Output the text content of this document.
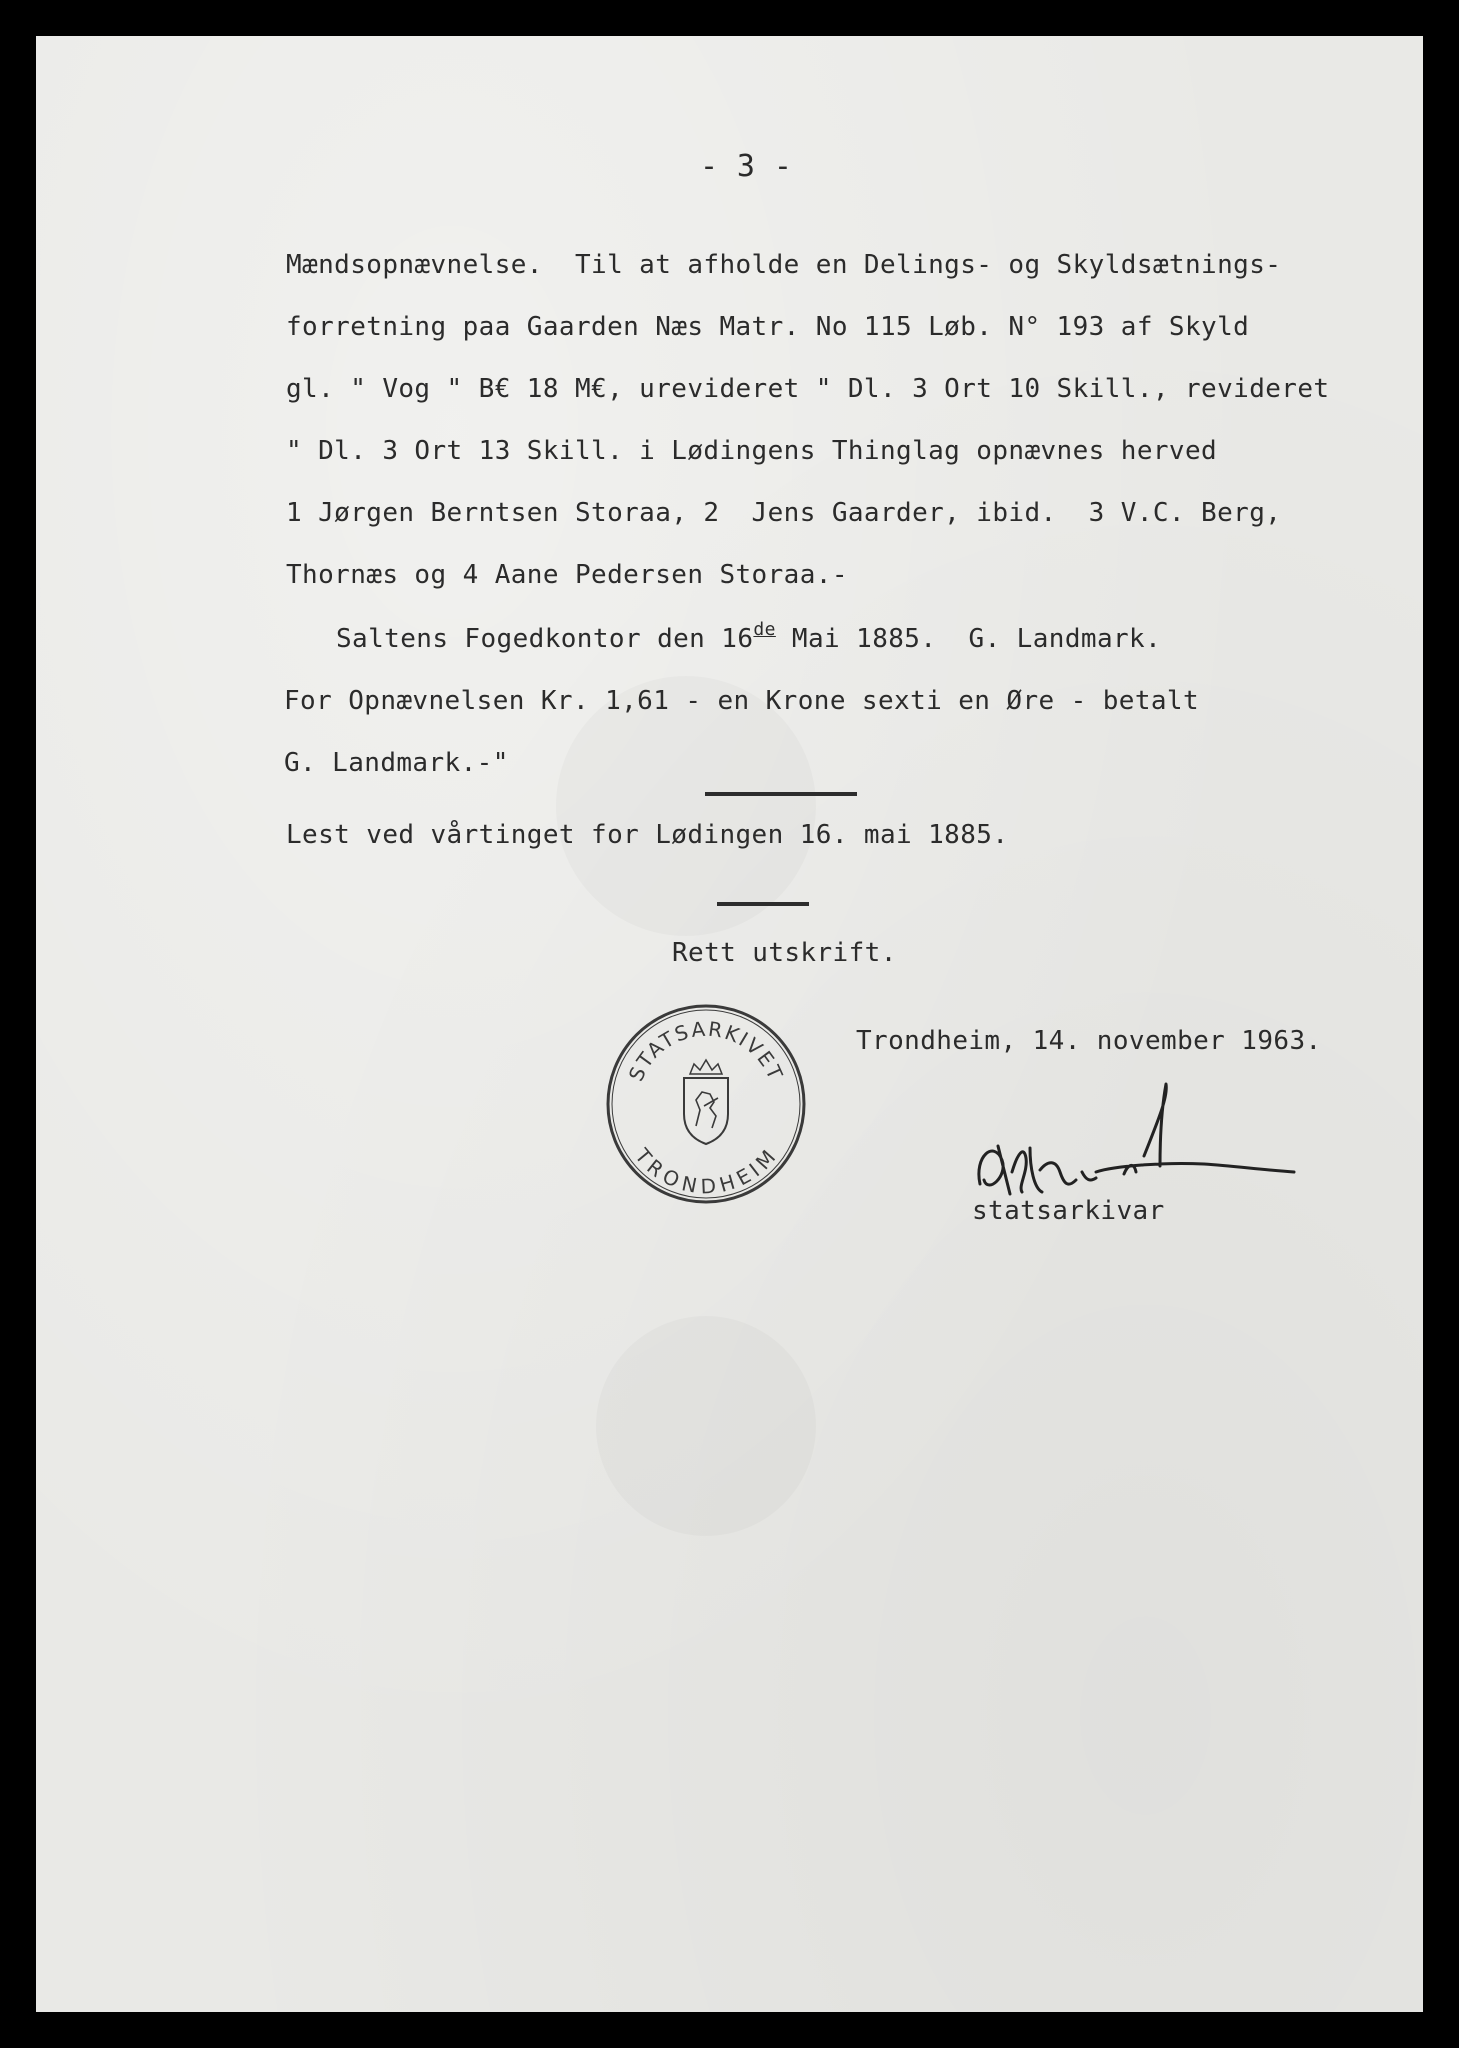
- 3 -
Mændsopnævnelse.  Til at afholde en Delings- og Skyldsætnings-
forretning paa Gaarden Næs Matr. No 115 Løb. N° 193 af Skyld
gl. " Vog " B€ 18 M€, urevideret " Dl. 3 Ort 10 Skill., revideret
" Dl. 3 Ort 13 Skill. i Lødingens Thinglag opnævnes herved
1 Jørgen Berntsen Storaa, 2  Jens Gaarder, ibid.  3 V.C. Berg,
Thornæs og 4 Aane Pedersen Storaa.-
Saltens Fogedkontor den 16de Mai 1885.  G. Landmark.
For Opnævnelsen Kr. 1,61 - en Krone sexti en Øre - betalt
G. Landmark.-"
Lest ved vårtinget for Lødingen 16. mai 1885.
Rett utskrift.
STATSARKIVET
TRONDHEIM
Trondheim, 14. november 1963.
statsarkivar
